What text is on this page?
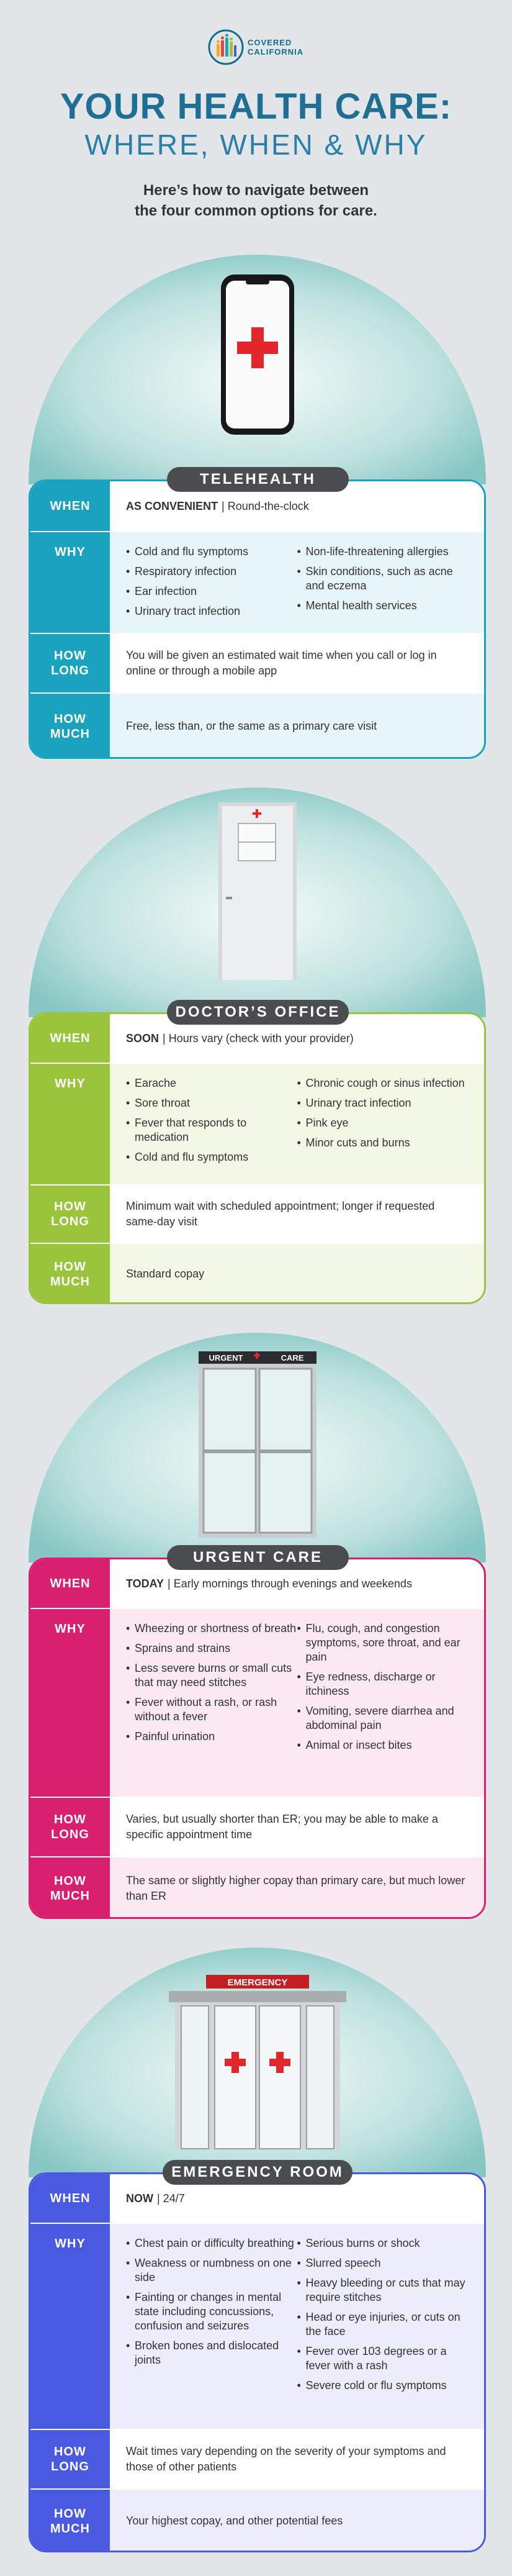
COVERED
CALIFORNIA
YOUR HEALTH CARE:
WHERE, WHEN & WHY
Here’s how to navigate between
the four common options for care.
TELEHEALTH
WHEN	AS CONVENIENT | Round-the-clock
WHY	• Cold and flu symptoms
• Respiratory infection
• Ear infection
• Urinary tract infection
• Non-life-threatening allergies
• Skin conditions, such as acne and eczema
• Mental health services
HOW LONG
You will be given an estimated wait time when you call or log in online or through a mobile app
HOW MUCH
Free, less than, or the same as a primary care visit
DOCTOR’S OFFICE
WHEN	SOON | Hours vary (check with your provider)
WHY	• Earache
• Sore throat
• Fever that responds to medication
• Cold and flu symptoms
• Chronic cough or sinus infection
• Urinary tract infection
• Pink eye
• Minor cuts and burns
HOW LONG
Minimum wait with scheduled appointment; longer if requested same-day visit
HOW MUCH
Standard copay
URGENT	CARE
URGENT CARE
WHEN	TODAY | Early mornings through evenings and weekends
WHY	• Wheezing or shortness of breath
• Sprains and strains
• Less severe burns or small cuts that may need stitches
• Fever without a rash, or rash without a fever
• Painful urination
• Flu, cough, and congestion symptoms, sore throat, and ear pain
• Eye redness, discharge or itchiness
• Vomiting, severe diarrhea and abdominal pain
• Animal or insect bites
HOW LONG
Varies, but usually shorter than ER; you may be able to make a specific appointment time
HOW MUCH
The same or slightly higher copay than primary care, but much lower than ER
EMERGENCY
EMERGENCY ROOM
WHEN	NOW | 24/7
WHY	• Chest pain or difficulty breathing
• Weakness or numbness on one side
• Fainting or changes in mental state including concussions, confusion and seizures
• Broken bones and dislocated joints
• Serious burns or shock
• Slurred speech
• Heavy bleeding or cuts that may require stitches
• Head or eye injuries, or cuts on the face
• Fever over 103 degrees or a fever with a rash
• Severe cold or flu symptoms
HOW LONG
Wait times vary depending on the severity of your symptoms and those of other patients
HOW MUCH
Your highest copay, and other potential fees
